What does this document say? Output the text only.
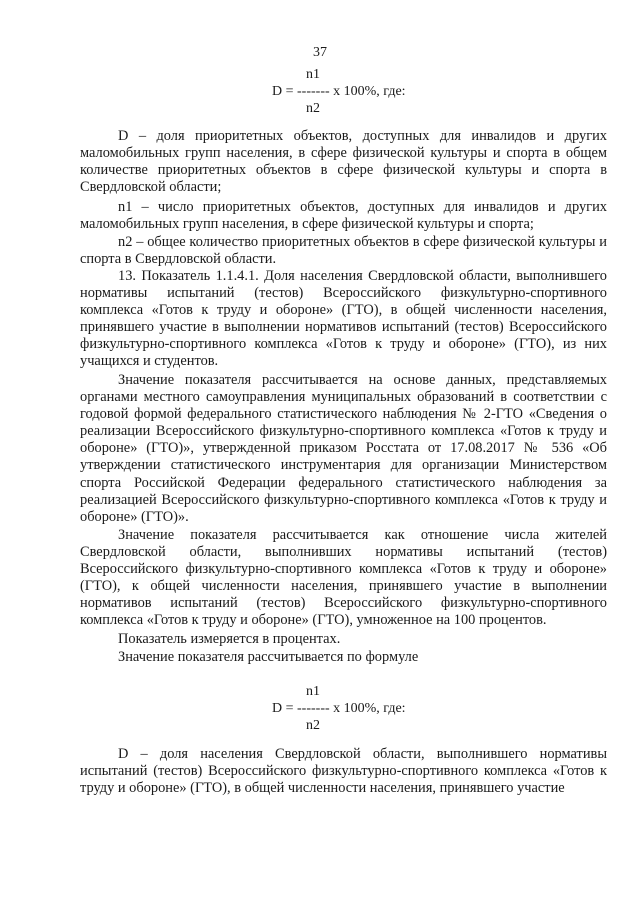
37
n1
D = ------- х 100%, где:
n2

D – доля приоритетных объектов, доступных для инвалидов и других маломобильных групп населения, в сфере физической культуры и спорта в общем количестве приоритетных объектов в сфере физической культуры и спорта в Свердловской области;

n1 – число приоритетных объектов, доступных для инвалидов и других маломобильных групп населения, в сфере физической культуры и спорта;

n2 – общее количество приоритетных объектов в сфере физической культуры и спорта в Свердловской области.

13. Показатель 1.1.4.1. Доля населения Свердловской области, выполнившего нормативы испытаний (тестов) Всероссийского физкультурно-спортивного комплекса «Готов к труду и обороне» (ГТО), в общей численности населения, принявшего участие в выполнении нормативов испытаний (тестов) Всероссийского физкультурно-спортивного комплекса «Готов к труду и обороне» (ГТО), из них учащихся и студентов.

Значение показателя рассчитывается на основе данных, представляемых органами местного самоуправления муниципальных образований в соответствии с годовой формой федерального статистического наблюдения № 2-ГТО «Сведения о реализации Всероссийского физкультурно-спортивного комплекса «Готов к труду и обороне» (ГТО)», утвержденной приказом Росстата от 17.08.2017 № 536 «Об утверждении статистического инструментария для организации Министерством спорта Российской Федерации федерального статистического наблюдения за реализацией Всероссийского физкультурно-спортивного комплекса «Готов к труду и обороне» (ГТО)».

Значение показателя рассчитывается как отношение числа жителей Свердловской области, выполнивших нормативы испытаний (тестов) Всероссийского физкультурно-спортивного комплекса «Готов к труду и обороне» (ГТО), к общей численности населения, принявшего участие в выполнении нормативов испытаний (тестов) Всероссийского физкультурно-спортивного комплекса «Готов к труду и обороне» (ГТО), умноженное на 100 процентов.

Показатель измеряется в процентах.

Значение показателя рассчитывается по формуле

n1
D = ------- х 100%, где:
n2

D – доля населения Свердловской области, выполнившего нормативы испытаний (тестов) Всероссийского физкультурно-спортивного комплекса «Готов к труду и обороне» (ГТО), в общей численности населения, принявшего участие
